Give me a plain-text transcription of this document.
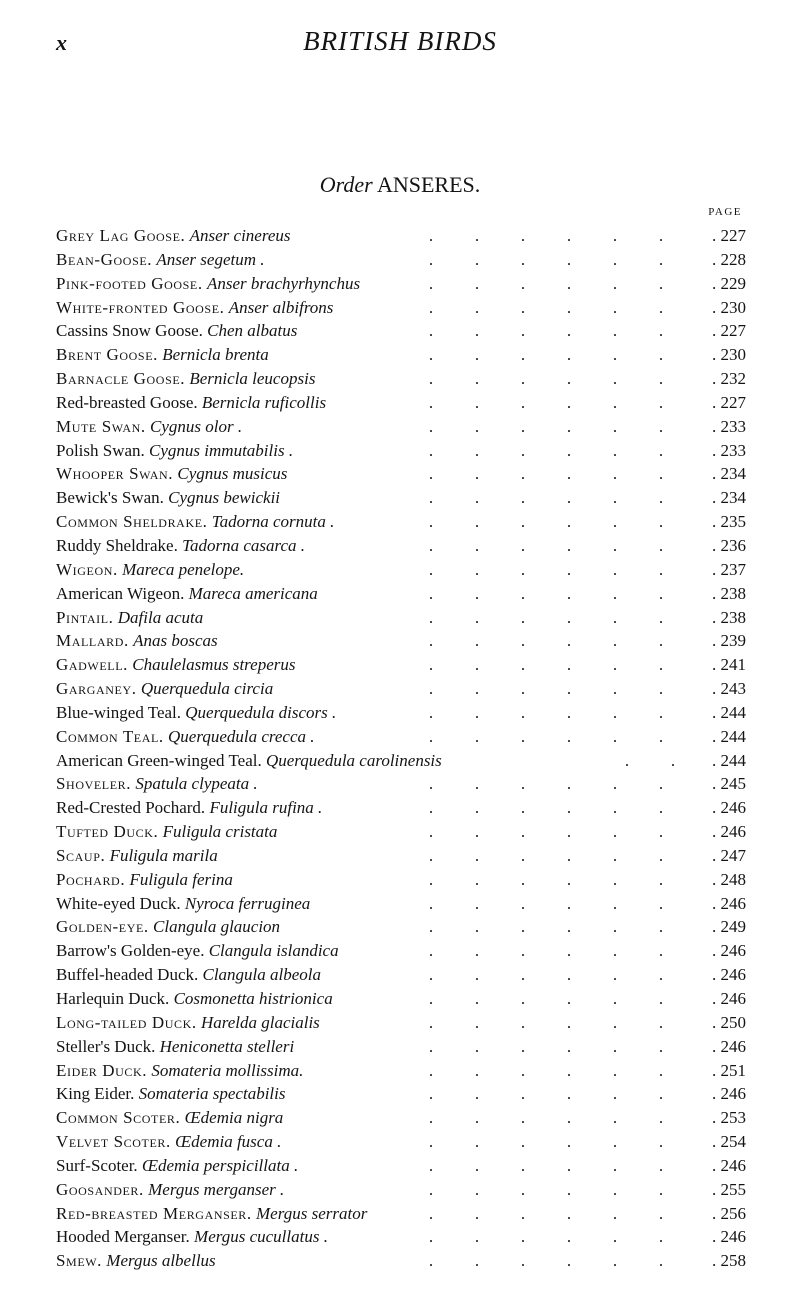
x	BRITISH BIRDS
Order ANSERES.
PAGE
Grey Lag Goose. Anser cinereus	. . . . . .	. 227
Bean-Goose. Anser segetum .	. . . . . .	. 228
Pink-footed Goose. Anser brachyrhynchus	. . . . . .	. 229
White-fronted Goose. Anser albifrons	. . . . . .	. 230
Cassins Snow Goose. Chen albatus	. . . . . .	. 227
Brent Goose. Bernicla brenta	. . . . . .	. 230
Barnacle Goose. Bernicla leucopsis	. . . . . .	. 232
Red-breasted Goose. Bernicla ruficollis	. . . . . .	. 227
Mute Swan. Cygnus olor .	. . . . . .	. 233
Polish Swan. Cygnus immutabilis .	. . . . . .	. 233
Whooper Swan. Cygnus musicus	. . . . . .	. 234
Bewick's Swan. Cygnus bewickii	. . . . . .	. 234
Common Sheldrake. Tadorna cornuta .	. . . . . .	. 235
Ruddy Sheldrake. Tadorna casarca .	. . . . . .	. 236
Wigeon. Mareca penelope.	. . . . . .	. 237
American Wigeon. Mareca americana	. . . . . .	. 238
Pintail. Dafila acuta	. . . . . .	. 238
Mallard. Anas boscas	. . . . . .	. 239
Gadwell. Chaulelasmus streperus	. . . . . .	. 241
Garganey. Querquedula circia	. . . . . .	. 243
Blue-winged Teal. Querquedula discors .	. . . . . .	. 244
Common Teal. Querquedula crecca .	. . . . . .	. 244
American Green-winged Teal. Querquedula carolinensis	. .	. 244
Shoveler. Spatula clypeata .	. . . . . .	. 245
Red-Crested Pochard. Fuligula rufina .	. . . . . .	. 246
Tufted Duck. Fuligula cristata	. . . . . .	. 246
Scaup. Fuligula marila	. . . . . .	. 247
Pochard. Fuligula ferina	. . . . . .	. 248
White-eyed Duck. Nyroca ferruginea	. . . . . .	. 246
Golden-eye. Clangula glaucion	. . . . . .	. 249
Barrow's Golden-eye. Clangula islandica	. . . . . .	. 246
Buffel-headed Duck. Clangula albeola	. . . . . .	. 246
Harlequin Duck. Cosmonetta histrionica	. . . . . .	. 246
Long-tailed Duck. Harelda glacialis	. . . . . .	. 250
Steller's Duck. Heniconetta stelleri	. . . . . .	. 246
Eider Duck. Somateria mollissima.	. . . . . .	. 251
King Eider. Somateria spectabilis	. . . . . .	. 246
Common Scoter. Œdemia nigra	. . . . . .	. 253
Velvet Scoter. Œdemia fusca .	. . . . . .	. 254
Surf-Scoter. Œdemia perspicillata .	. . . . . .	. 246
Goosander. Mergus merganser .	. . . . . .	. 255
Red-breasted Merganser. Mergus serrator	. . . . . .	. 256
Hooded Merganser. Mergus cucullatus .	. . . . . .	. 246
Smew. Mergus albellus	. . . . . .	. 258
